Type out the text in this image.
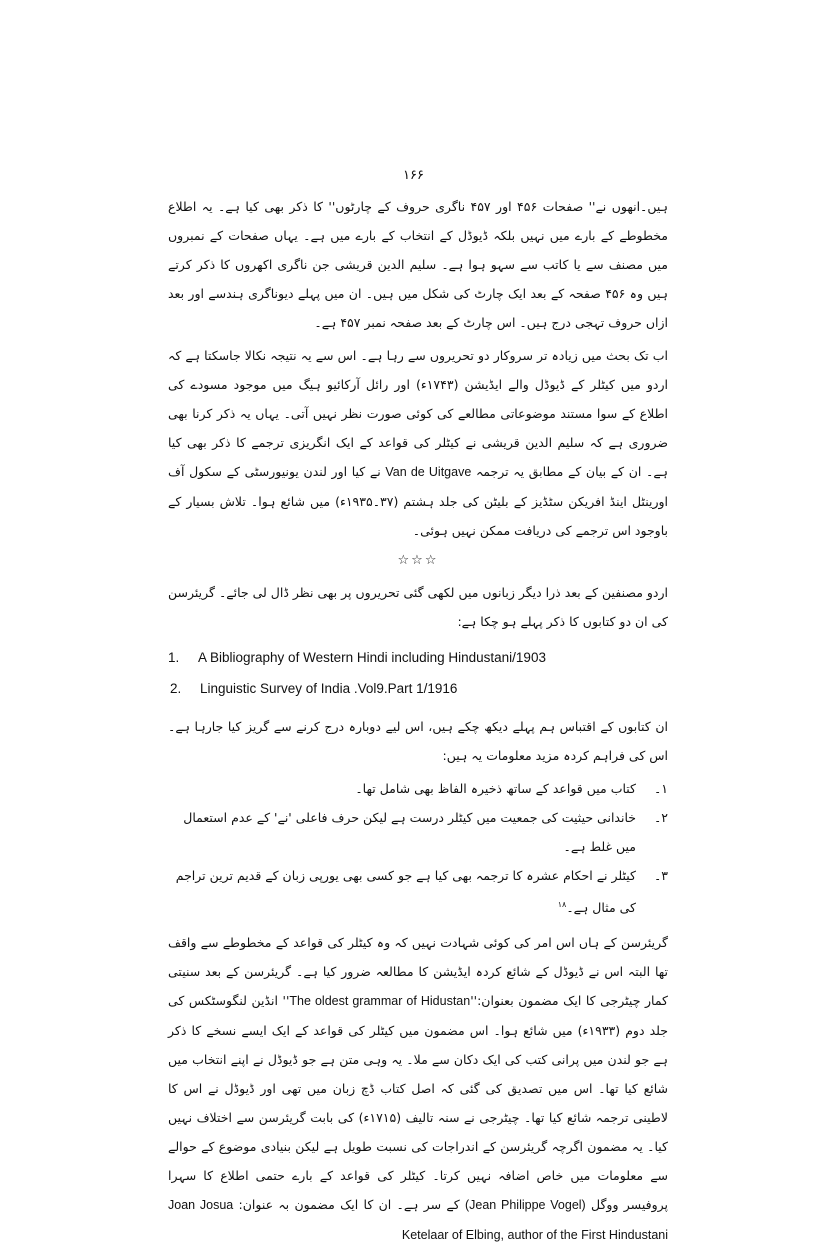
۱۶۶

ہیں۔انھوں نے'' صفحات ۴۵۶ اور ۴۵۷ ناگری حروف کے چارٹوں'' کا ذکر بھی کیا ہے۔ یہ اطلاع مخطوطے کے بارے میں نہیں بلکہ ڈیوڈل کے انتخاب کے بارے میں ہے۔ یہاں صفحات کے نمبروں میں مصنف سے یا کاتب سے سہو ہوا ہے۔ سلیم الدین قریشی جن ناگری اکھروں کا ذکر کرتے ہیں وہ ۴۵۶ صفحہ کے بعد ایک چارٹ کی شکل میں ہیں۔ ان میں پہلے دیوناگری ہندسے اور بعد ازاں حروف تہجی درج ہیں۔ اس چارٹ کے بعد صفحہ نمبر ۴۵۷ ہے۔

اب تک بحث میں زیادہ تر سروکار دو تحریروں سے رہا ہے۔ اس سے یہ نتیجہ نکالا جاسکتا ہے کہ اردو میں کیٹلر کے ڈیوڈل والے ایڈیشن (۱۷۴۳ء) اور رائل آرکائیو ہیگ میں موجود مسودے کی اطلاع کے سوا مستند موضوعاتی مطالعے کی کوئی صورت نظر نہیں آتی۔ یہاں یہ ذکر کرنا بھی ضروری ہے کہ سلیم الدین قریشی نے کیٹلر کی قواعد کے ایک انگریزی ترجمے کا ذکر بھی کیا ہے۔ ان کے بیان کے مطابق یہ ترجمہ Van de Uitgave نے کیا اور لندن یونیورسٹی کے سکول آف اورینٹل اینڈ افریکن سٹڈیز کے بلیٹن کی جلد ہشتم (۳۷۔۱۹۳۵ء) میں شائع ہوا۔ تلاش بسیار کے باوجود اس ترجمے کی دریافت ممکن نہیں ہوئی۔

☆☆☆

اردو مصنفین کے بعد ذرا دیگر زبانوں میں لکھی گئی تحریروں پر بھی نظر ڈال لی جائے۔ گریئرسن کی ان دو کتابوں کا ذکر پہلے ہو چکا ہے:

1.	A Bibliography of Western Hindi including Hindustani/1903
2.	Linguistic Survey of India .Vol9.Part 1/1916

ان کتابوں کے اقتباس ہم پہلے دیکھ چکے ہیں، اس لیے دوبارہ درج کرنے سے گریز کیا جارہا ہے۔ اس کی فراہم کردہ مزید معلومات یہ ہیں:

۱۔
کتاب میں قواعد کے ساتھ ذخیرہ الفاظ بھی شامل تھا۔
۲۔
خاندانی حیثیت کی جمعیت میں کیٹلر درست ہے لیکن حرف فاعلی 'نے' کے عدم استعمال میں غلط ہے۔
۳۔
کیٹلر نے احکام عشرہ کا ترجمہ بھی کیا ہے جو کسی بھی یورپی زبان کے قدیم ترین تراجم کی مثال ہے۔$^{۱۸}$

گریئرسن کے ہاں اس امر کی کوئی شہادت نہیں کہ وہ کیٹلر کی قواعد کے مخطوطے سے واقف تھا البتہ اس نے ڈیوڈل کے شائع کردہ ایڈیشن کا مطالعہ ضرور کیا ہے۔ گریئرسن کے بعد سنیتی کمار چیٹرجی کا ایک مضمون بعنوان:''The oldest grammar of Hidustan'' انڈین لنگوسٹکس کی جلد دوم (۱۹۳۳ء) میں شائع ہوا۔ اس مضمون میں کیٹلر کی قواعد کے ایک ایسے نسخے کا ذکر ہے جو لندن میں پرانی کتب کی ایک دکان سے ملا۔ یہ وہی متن ہے جو ڈیوڈل نے اپنے انتخاب میں شائع کیا تھا۔ اس میں تصدیق کی گئی کہ اصل کتاب ڈچ زبان میں تھی اور ڈیوڈل نے اس کا لاطینی ترجمہ شائع کیا تھا۔ چیٹرجی نے سنہ تالیف (۱۷۱۵ء) کی بابت گریئرسن سے اختلاف نہیں کیا۔ یہ مضمون اگرچہ گریئرسن کے اندراجات کی نسبت طویل ہے لیکن بنیادی موضوع کے حوالے سے معلومات میں خاص اضافہ نہیں کرتا۔ کیٹلر کی قواعد کے بارے حتمی اطلاع کا سہرا پروفیسر ووگل (Jean Philippe Vogel) کے سر ہے۔ ان کا ایک مضمون بہ عنوان: Joan Josua Ketelaar of Elbing, author of the First Hindustani
